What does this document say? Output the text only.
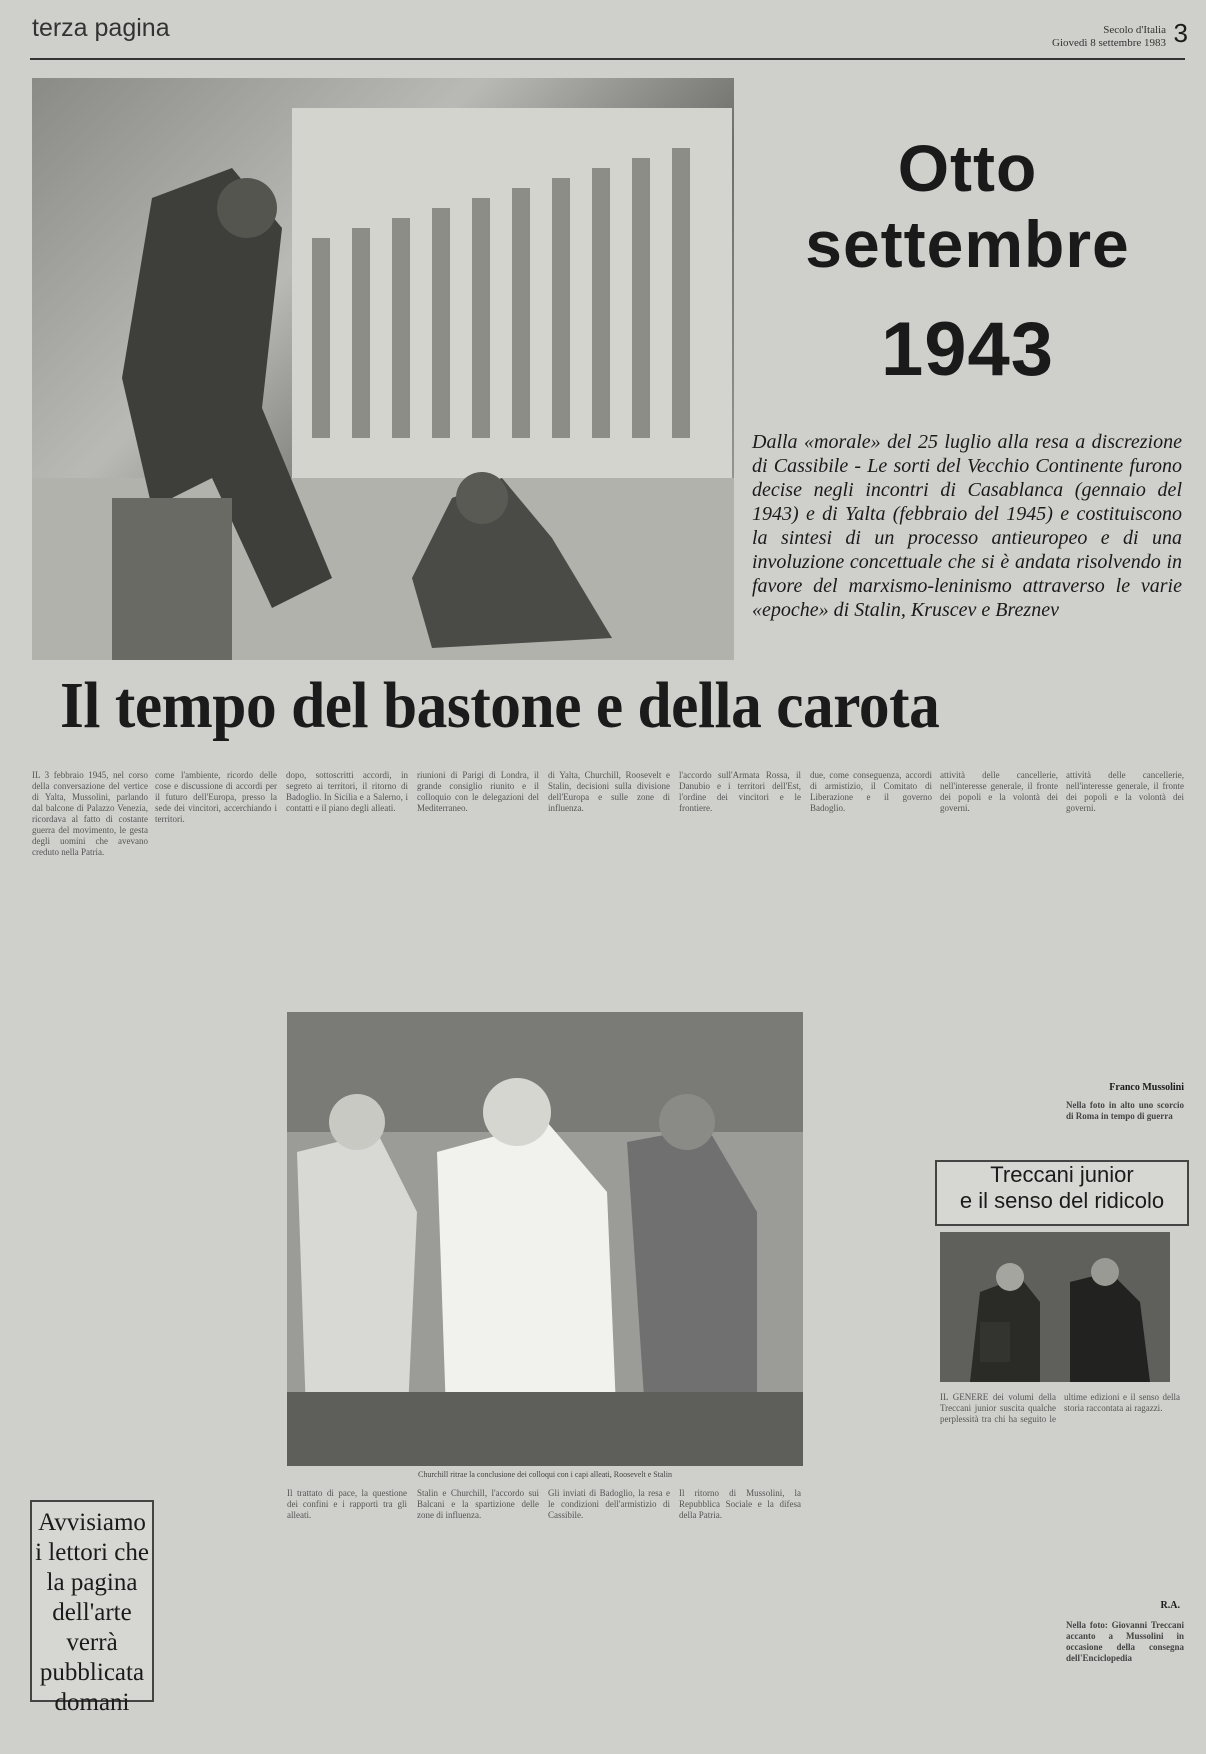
terza pagina	Secolo d'Italia
Giovedì 8 settembre 1983 3
Otto
settembre
1943
Dalla «morale» del 25 luglio alla resa a discrezione di Cassibile - Le sorti del Vecchio Continente furono decise negli incontri di Casablanca (gennaio del 1943) e di Yalta (febbraio del 1945) e costituiscono la sintesi di un processo antieuropeo e di una involuzione concettuale che si è andata risolvendo in favore del marxismo-leninismo attraverso le varie «epoche» di Stalin, Kruscev e Breznev
Il tempo del bastone e della carota

IL 3 febbraio 1945, nel corso della conversazione del vertice di Yalta, Mussolini, parlando dal balcone di Palazzo Venezia, ricordava al fatto di costante guerra del movimento, le gesta degli uomini che avevano creduto nella Patria.

come l'ambiente, ricordo delle cose e discussione di accordi per il futuro dell'Europa, presso la sede dei vincitori, accerchiando i territori.

dopo, sottoscritti accordi, in segreto ai territori, il ritorno di Badoglio. In Sicilia e a Salerno, i contatti e il piano degli alleati.

riunioni di Parigi di Londra, il grande consiglio riunito e il colloquio con le delegazioni del Mediterraneo.

di Yalta, Churchill, Roosevelt e Stalin, decisioni sulla divisione dell'Europa e sulle zone di influenza.

l'accordo sull'Armata Rossa, il Danubio e i territori dell'Est, l'ordine dei vincitori e le frontiere.

due, come conseguenza, accordi di armistizio, il Comitato di Liberazione e il governo Badoglio.

attività delle cancellerie, nell'interesse generale, il fronte dei popoli e la volontà dei governi.

attività delle cancellerie, nell'interesse generale, il fronte dei popoli e la volontà dei governi.

Franco Mussolini
Nella foto in alto uno scorcio di Roma in tempo di guerra
Churchill ritrae la conclusione dei colloqui con i capi alleati, Roosevelt e Stalin

Il trattato di pace, la questione dei confini e i rapporti tra gli alleati.

Stalin e Churchill, l'accordo sui Balcani e la spartizione delle zone di influenza.

Gli inviati di Badoglio, la resa e le condizioni dell'armistizio di Cassibile.

Il ritorno di Mussolini, la Repubblica Sociale e la difesa della Patria.

Avvisiamo i lettori che la pagina dell'arte verrà pubblicata domani
Treccani junior
e il senso del ridicolo

IL GENERE dei volumi della Treccani junior suscita qualche perplessità tra chi ha seguito le ultime edizioni e il senso della storia raccontata ai ragazzi.

R.A.
Nella foto: Giovanni Treccani accanto a Mussolini in occasione della consegna dell'Enciclopedia
